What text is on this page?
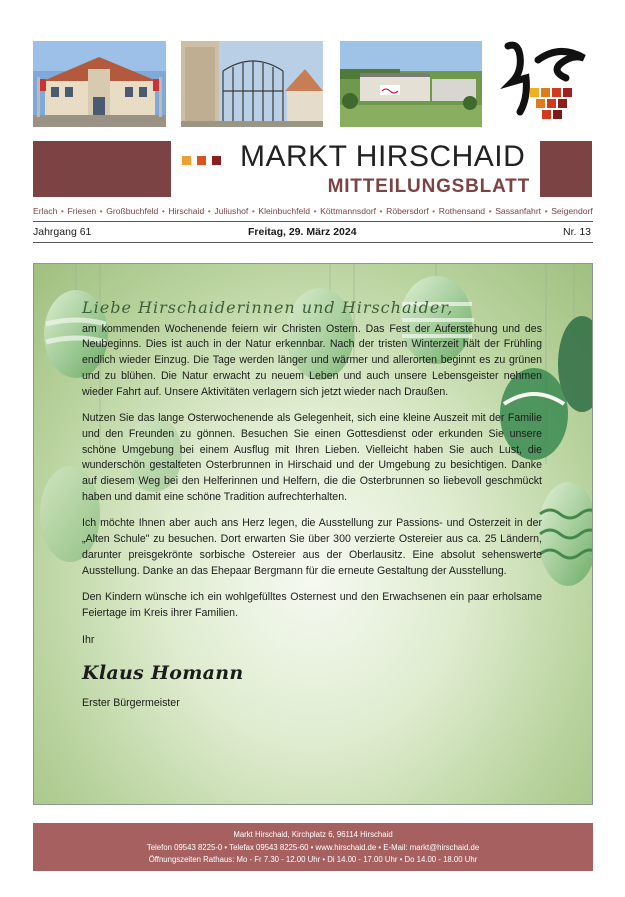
MARKT HIRSCHAID
MITTEILUNGSBLATT
Erlach • Friesen • Großbuchfeld • Hirschaid • Juliushof • Kleinbuchfeld • Köttmannsdorf • Röbersdorf • Rothensand • Sassanfahrt • Seigendorf
Jahrgang 61	Freitag, 29. März 2024	Nr. 13
Liebe Hirschaiderinnen und Hirschaider,

am kommenden Wochenende feiern wir Christen Ostern. Das Fest der Auferstehung und des Neubeginns. Dies ist auch in der Natur erkennbar. Nach der tristen Winterzeit hält der Frühling endlich wieder Einzug. Die Tage werden länger und wärmer und allerorten beginnt es zu grünen und zu blühen. Die Natur erwacht zu neuem Leben und auch unsere Lebensgeister nehmen wieder Fahrt auf. Unsere Aktivitäten verlagern sich jetzt wieder nach Draußen.

Nutzen Sie das lange Osterwochenende als Gelegenheit, sich eine kleine Auszeit mit der Familie und den Freunden zu gönnen. Besuchen Sie einen Gottesdienst oder erkunden Sie unsere schöne Umgebung bei einem Ausflug mit Ihren Lieben. Vielleicht haben Sie auch Lust, die wunderschön gestalteten Osterbrunnen in Hirschaid und der Umgebung zu besichtigen. Danke auf diesem Weg bei den Helferinnen und Helfern, die die Osterbrunnen so liebevoll geschmückt haben und damit eine schöne Tradition aufrechterhalten.

Ich möchte Ihnen aber auch ans Herz legen, die Ausstellung zur Passions- und Osterzeit in der „Alten Schule" zu besuchen. Dort erwarten Sie über 300 verzierte Ostereier aus ca. 25 Ländern, darunter preisgekrönte sorbische Ostereier aus der Oberlausitz. Eine absolut sehenswerte Ausstellung. Danke an das Ehepaar Bergmann für die erneute Gestaltung der Ausstellung.

Den Kindern wünsche ich ein wohlgefülltes Osternest und den Erwachsenen ein paar erholsame Feiertage im Kreis ihrer Familien.

Ihr
Klaus Homann
Erster Bürgermeister
Markt Hirschaid, Kirchplatz 6, 96114 Hirschaid
Telefon 09543 8225-0 • Telefax 09543 8225-60 • www.hirschaid.de • E-Mail: markt@hirschaid.de
Öffnungszeiten Rathaus: Mo - Fr 7.30 - 12.00 Uhr • Di 14.00 - 17.00 Uhr • Do 14.00 - 18.00 Uhr
